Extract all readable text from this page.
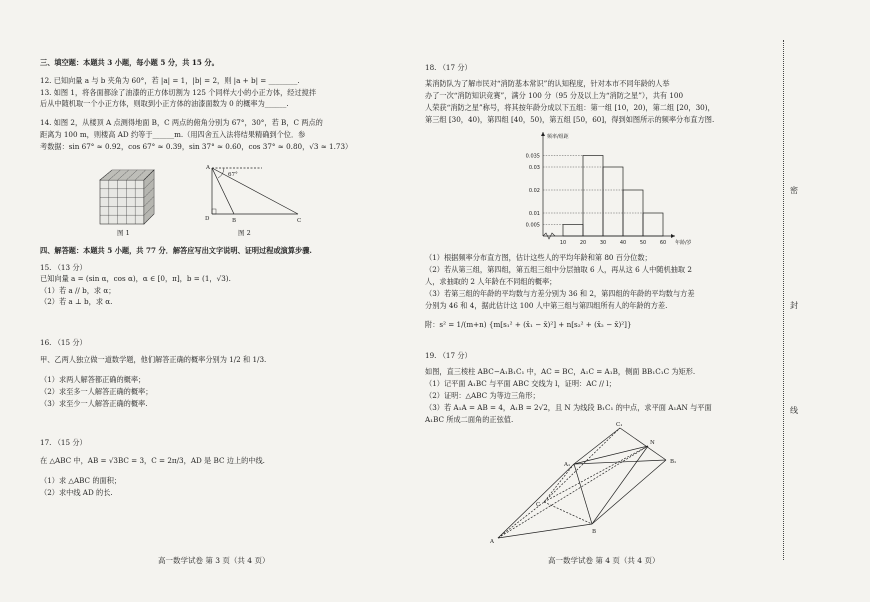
三、填空题：本题共 3 小题，每小题 5 分，共 15 分。
12. 已知向量 a 与 b 夹角为 60°，若 |a| = 1，|b| = 2，则 |a + b| = ________.
13. 如图 1，将各面都涂了油漆的正方体切割为 125 个同样大小的小正方体，经过搅拌
后从中随机取一个小正方体，则取到小正方体的油漆面数为 0 的概率为______.
14. 如图 2，从楼顶 A 点测得地面 B，C 两点的俯角分别为 67°，30°，若 B，C 两点的
距离为 100 m，则楼高 AD 约等于______m.（用四舍五入法将结果精确到个位．参
考数据：sin 67° ≈ 0.92，cos 67° ≈ 0.39，sin 37° ≈ 0.60，cos 37° ≈ 0.80，√3 ≈ 1.73）
四、解答题：本题共 5 小题，共 77 分．解答应写出文字说明、证明过程或演算步骤.
15. （13 分）
已知向量 a = (sin α，cos α)，α ∈ [0，π]，b = (1，√3).
（1）若 a // b，求 α；
（2）若 a ⊥ b，求 α.
16. （15 分）
甲、乙两人独立做一道数学题，他们解答正确的概率分别为 1/2 和 1/3.
（1）求两人解答都正确的概率；
（2）求至多一人解答正确的概率；
（3）求至少一人解答正确的概率.
17. （15 分）
在 △ABC 中，AB = √3BC = 3，C = 2π/3，AD 是 BC 边上的中线.
（1）求 △ABC 的面积；
（2）求中线 AD 的长.
图 1
A
D	B	C
67°
图 2
高一数学试卷 第 3 页（共 4 页）
18. （17 分）
某消防队为了解市民对“消防基本常识”的认知程度，针对本市不同年龄的人举
办了一次“消防知识竞赛”，满分 100 分（95 分及以上为“消防之星”），共有 100
人荣获“消防之星”称号，将其按年龄分成以下五组：第一组 [10，20)，第二组 [20，30)，
第三组 [30，40)，第四组 [40，50)，第五组 [50，60]，得到如图所示的频率分布直方图.
（1）根据频率分布直方图，估计这些人的平均年龄和第 80 百分位数；
（2）若从第三组，第四组，第五组三组中分层抽取 6 人，再从这 6 人中随机抽取 2
人，求抽取的 2 人年龄在不同组的概率；
（3）若第三组的年龄的平均数与方差分别为 36 和 2，第四组的年龄的平均数与方差
分别为 46 和 4，据此估计这 100 人中第三组与第四组所有人的年龄的方差.
附：s² = 1/(m+n) {m[s₁² + (x̄₁ − x̄)²] + n[s₂² + (x̄₂ − x̄)²]}
19. （17 分）
如图，直三棱柱 ABC−A₁B₁C₁ 中，AC = BC，A₁C = A₁B，侧面 BB₁C₁C 为矩形.
（1）记平面 A₁BC 与平面 ABC 交线为 l，证明：AC // l；
（2）证明：△ABC 为等边三角形；
（3）若 A₁A = AB = 4，A₁B = 2√2，且 N 为线段 B₁C₁ 的中点，求平面 A₁AN 与平面
A₁BC 所成二面角的正弦值.
0.005
0.01
0.02
0.03
0.035
10	20	30	40	50	60
频率/组距
年龄/岁
C₁
N
A₁	B₁
C
A
B
高一数学试卷 第 4 页（共 4 页）
密
封
线
